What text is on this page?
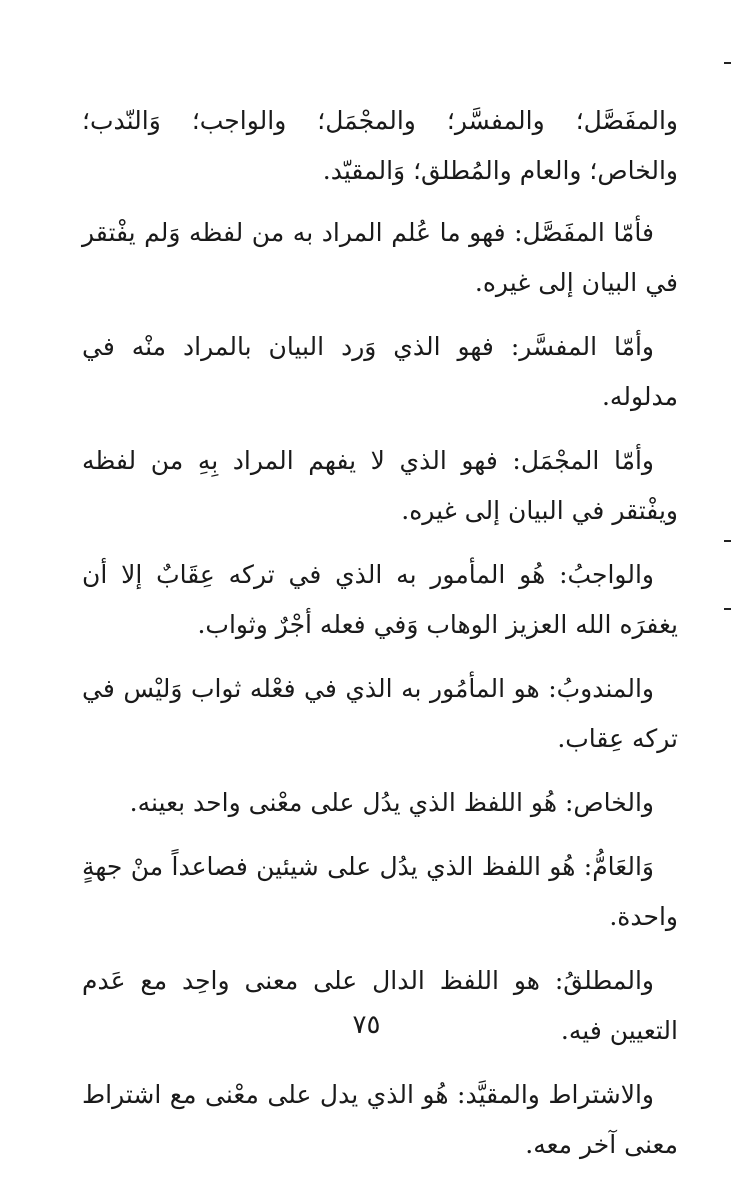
والمفَصَّل؛ والمفسَّر؛ والمجْمَل؛ والواجب؛ وَالنّدب؛ والخاص؛ والعام والمُطلق؛ وَالمقيّد.

فأمّا المفَصَّل: فهو ما عُلم المراد به من لفظه وَلم يفْتقر في البيان إلى غيره.

وأمّا المفسَّر: فهو الذي وَرد البيان بالمراد منْه في مدلوله.

وأمّا المجْمَل: فهو الذي لا يفهم المراد بِهِ من لفظه ويفْتقر في البيان إلى غيره.

والواجبُ: هُو المأمور به الذي في تركه عِقَابٌ إلا أن يغفرَه الله العزيز الوهاب وَفي فعله أجْرٌ وثواب.

والمندوبُ: هو المأمُور به الذي في فعْله ثواب وَليْس في تركه عِقاب.

والخاص: هُو اللفظ الذي يدُل على معْنى واحد بعينه.

وَالعَامُّ: هُو اللفظ الذي يدُل على شيئين فصاعداً منْ جهةٍ واحدة.

والمطلقُ: هو اللفظ الدال على معنى واحِد مع عَدم التعيين فيه.

والاشتراط والمقيَّد: هُو الذي يدل على معْنى مع اشتراط معنى آخر معه.

٧٥
